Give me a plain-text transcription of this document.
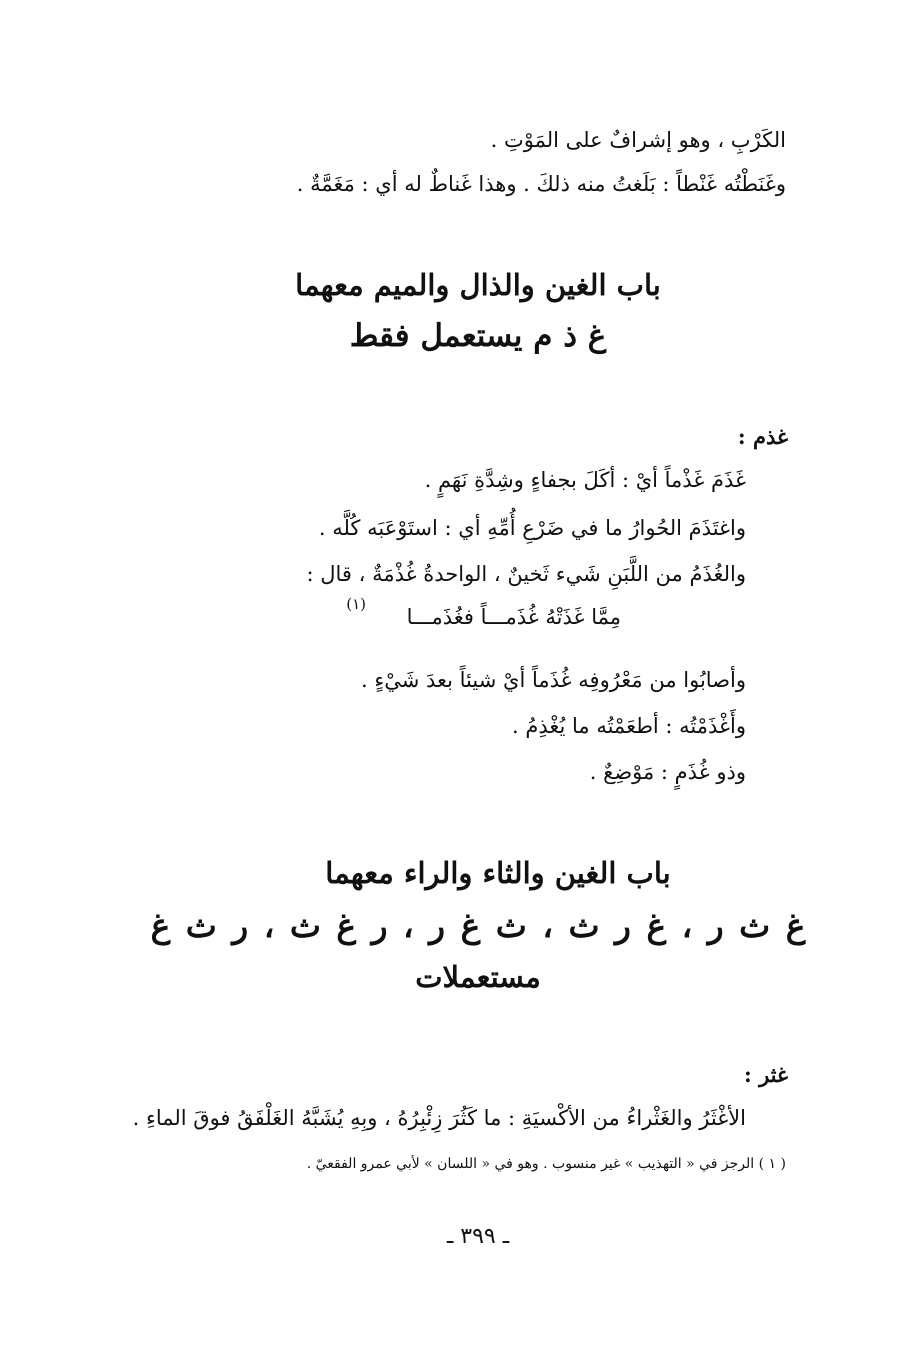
الكَرْبِ ، وهو إشرافٌ على المَوْتِ .
وغَنَطْتُه غَنْطاً : بَلَغتُ منه ذلكَ . وهذا غَناطٌ له أي : مَغَمَّةٌ .
باب الغين والذال والميم معهما
غ ذ م يستعمل فقط
غذم :
غَذَمَ غَذْماً أيْ : أكَلَ بجفاءٍ وشِدَّةِ نَهَمٍ .
واغتَذَمَ الحُوارُ ما في ضَرْعِ أُمِّهِ أي : استَوْعَبَه كُلَّه .
والغُذَمُ من اللَّبَنِ شَيء ثَخينٌ ، الواحدةُ غُذْمَةٌ ، قال :
مِمَّا غَذَتْهُ غُذَمـــاً فغُذَمـــا
(١)
وأصابُوا من مَعْرُوفِه غُذَماً أيْ شيئاً بعدَ شَيْءٍ .
وأَغْذَمْتُه : أطعَمْتُه ما يُغْذِمُ .
وذو غُذَمٍ : مَوْضِعٌ .
باب الغين والثاء والراء معهما
غ ث ر ، غ ر ث ، ث غ ر ، ر غ ث ، ر ث غ
مستعملات
غثر :
الأغْثَرُ والغَثْراءُ من الأكْسيَةِ : ما كَثُرَ زِئْبِرُهُ ، وبِهِ يُشَبَّهُ الغَلْفَقُ فوقَ الماءِ .
( ١ ) الرجز في « التهذيب » غير منسوب . وهو في « اللسان » لأبي عمرو الفقعيّ .
ـ ٣٩٩ ـ
